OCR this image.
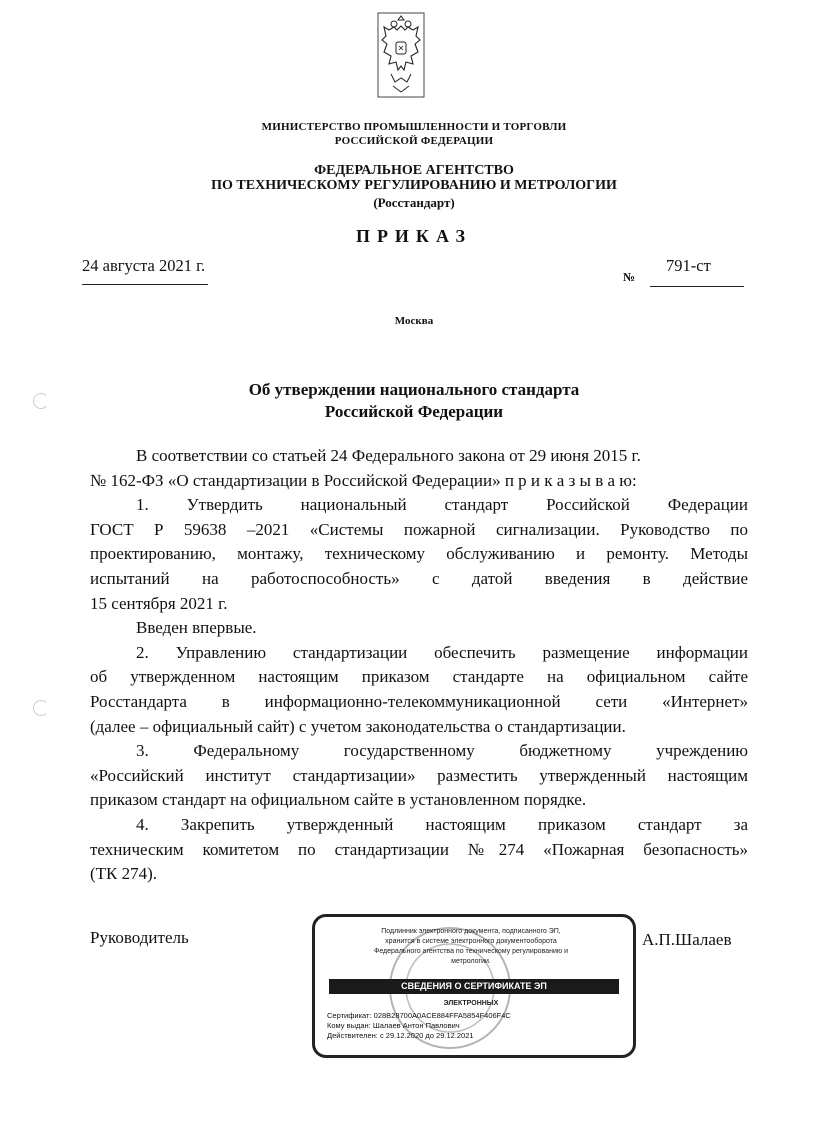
МИНИСТЕРСТВО ПРОМЫШЛЕННОСТИ И ТОРГОВЛИ
РОССИЙСКОЙ ФЕДЕРАЦИИ
ФЕДЕРАЛЬНОЕ АГЕНТСТВО
ПО ТЕХНИЧЕСКОМУ РЕГУЛИРОВАНИЮ И МЕТРОЛОГИИ
(Росстандарт)
ПРИКАЗ
24 августа 2021 г.
№
791-ст
Москва
Об утверждении национального стандарта
Российской Федерации
В соответствии со статьей 24 Федерального закона от 29 июня 2015 г.
№ 162-ФЗ «О стандартизации в Российской Федерации» п р и к а з ы в а ю:
1. Утвердить национальный стандарт Российской Федерации
ГОСТ Р 59638 –2021 «Системы пожарной сигнализации. Руководство по
проектированию, монтажу, техническому обслуживанию и ремонту. Методы
испытаний на работоспособность» с датой введения в действие
15 сентября 2021 г.
Введен впервые.
2. Управлению стандартизации обеспечить размещение информации
об утвержденном настоящим приказом стандарте на официальном сайте
Росстандарта в информационно-телекоммуникационной сети «Интернет»
(далее – официальный сайт) с учетом законодательства о стандартизации.
3. Федеральному государственному бюджетному учреждению
«Российский институт стандартизации» разместить утвержденный настоящим
приказом стандарт на официальном сайте в установленном порядке.
4. Закрепить утвержденный настоящим приказом стандарт за
техническим комитетом по стандартизации №274 «Пожарная безопасность»
(ТК 274).
Руководитель	А.П.Шалаев
Подлинник электронного документа, подписанного ЭП,
хранится в системе электронного документооборота
Федерального агентства по техническому регулированию и
метрологии.
СВЕДЕНИЯ О СЕРТИФИКАТЕ ЭП
ЭЛЕКТРОННЫХ
Сертификат: 028B28700A0ACE884FFA5854F406F4C
Кому выдан: Шалаев Антон Павлович
Действителен: с 29.12.2020 до 29.12.2021
